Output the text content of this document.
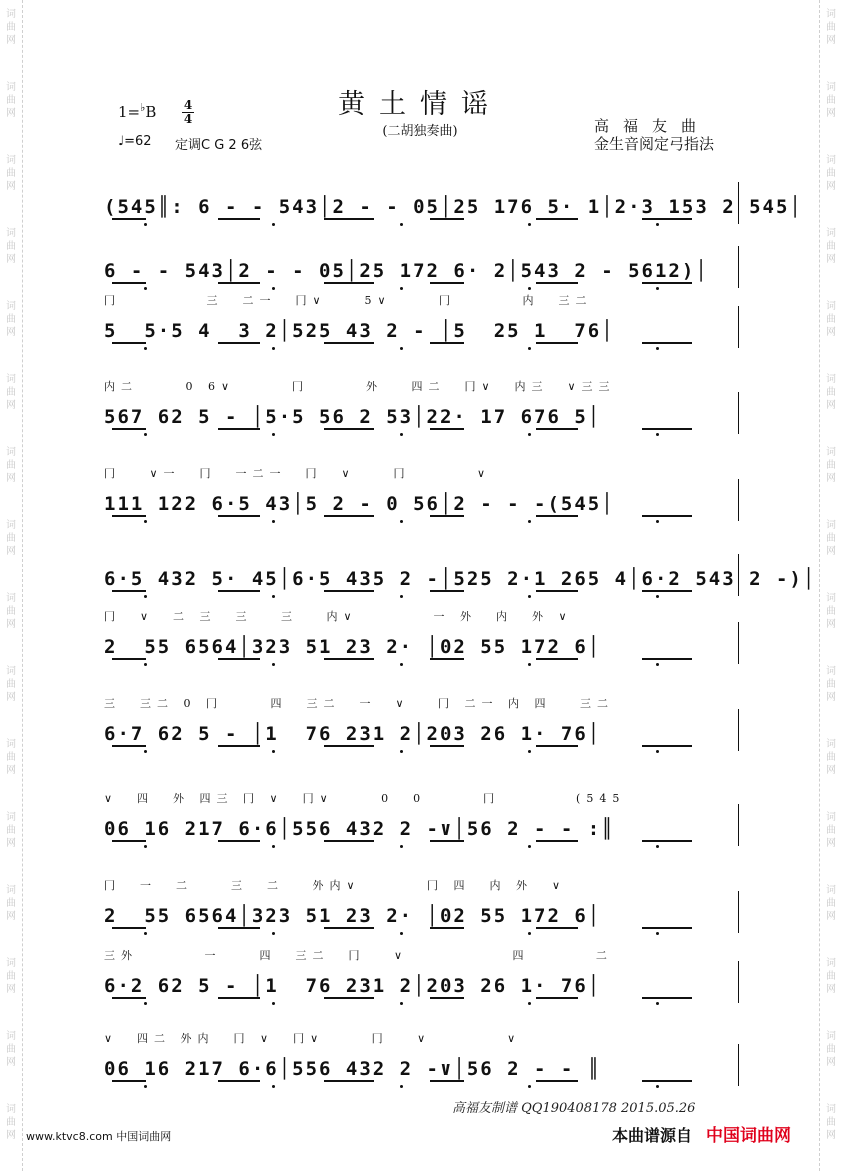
词
曲
网
词
曲
网
词
曲
网
词
曲
网
词
曲
网
词
曲
网
词
曲
网
词
曲
网
词
曲
网
词
曲
网
词
曲
网
词
曲
网
词
曲
网
词
曲
网
词
曲
网
词
曲
网
词
曲
网
词
曲
网
词
曲
网
词
曲
网
词
曲
网
词
曲
网
词
曲
网
词
曲
网
词
曲
网
词
曲
网
词
曲
网
词
曲
网
词
曲
网
词
曲
网
词
曲
网
词
曲
网
黄土情谣
(二胡独奏曲)
1=♭B 4
4
♩=62 定调C G 2 6弦
高福友曲
金生音阅定弓指法
(545║: 6 - - 543│2 - - 05│25 176 5· 1│2·3 153 2 545│
6 - - 543│2 - - 05│25 172 6· 2│543 2 - 5612)│
冂         三  二一  冂∨    5∨     冂       内  三二
5  5·5 4  3 2│525 43 2 - │5  25 1  76│
内二     0 6∨      冂      外   四二  冂∨  内三  ∨三三
567 62 5 - │5·5 56 2 53│22· 17 676 5│
冂   ∨一  冂  一二一  冂  ∨    冂       ∨
111 122 6·5 43│5 2 - 0 56│2 - - -(545│
6·5 432 5· 45│6·5 435 2 -│525 2·1 265 4│6·2 543 2 -)│
冂  ∨  二 三  三   三   内∨        一 外  内  外 ∨
2  55 6564│323 51 23 2· │02 55 172 6│
三  三二 0 冂     四  三二  一  ∨   冂 二一 内 四   三二
6·7 62 5 - │1  76 231 2│203 26 1· 76│
∨  四  外 四三 冂 ∨  冂∨     0  0      冂        (545
06 16 217 6·6│556 432 2 -∨│56 2 - - :║
冂  一  二    三  二   外内∨       冂 四  内 外  ∨
2  55 6564│323 51 23 2· │02 55 172 6│
三外       一    四  三二  冂   ∨           四       二
6·2 62 5 - │1  76 231 2│203 26 1· 76│
∨  四二 外内  冂 ∨  冂∨     冂   ∨        ∨
06 16 217 6·6│556 432 2 -∨│56 2 - - ║
高福友制谱 QQ190408178 2015.05.26
www.ktvc8.com 中国词曲网	本曲谱源自 中国词曲网
